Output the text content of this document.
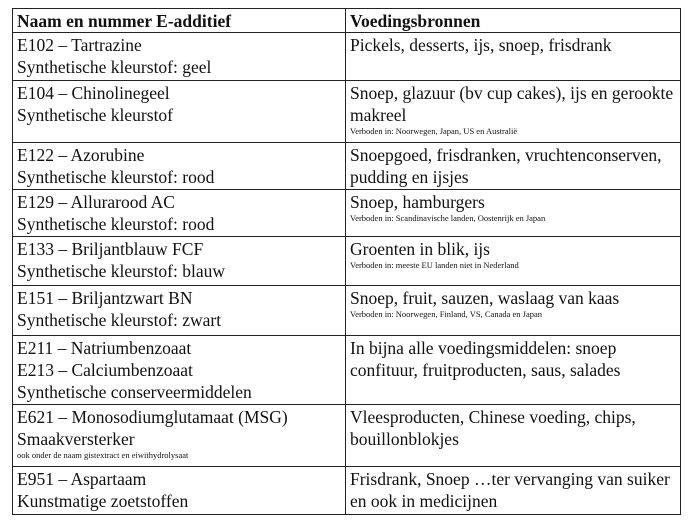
Naam en nummer E-additief	Voedingsbronnen

E102 – Tartrazine
Synthetische kleurstof: geel	Pickels, desserts, ijs, snoep, frisdrank

E104 – Chinolinegeel
Synthetische kleurstof	Snoep, glazuur (bv cup cakes), ijs en gerookte makreel
Verboden in: Noorwegen, Japan, US en Australië

E122 – Azorubine
Synthetische kleurstof: rood	Snoepgoed, frisdranken, vruchtenconserven, pudding en ijsjes

E129 – Allurarood AC
Synthetische kleurstof: rood	Snoep, hamburgers
Verboden in: Scandinavische landen, Oostenrijk en Japan

E133 – Briljantblauw FCF
Synthetische kleurstof: blauw	Groenten in blik, ijs
Verboden in: meeste EU landen niet in Nederland

E151 – Briljantzwart BN
Synthetische kleurstof: zwart	Snoep, fruit, sauzen, waslaag van kaas
Verboden in: Noorwegen, Finland, VS, Canada en Japan

E211 – Natriumbenzoaat
E213 – Calciumbenzoaat
Synthetische conserveermiddelen	In bijna alle voedingsmiddelen: snoep confituur, fruitproducten, saus, salades

E621 – Monosodiumglutamaat (MSG)
Smaakversterker
ook onder de naam gistextract en eiwithydrolysaat	Vleesproducten, Chinese voeding, chips, bouillonblokjes

E951 – Aspartaam
Kunstmatige zoetstoffen	Frisdrank, Snoep …ter vervanging van suiker en ook in medicijnen
